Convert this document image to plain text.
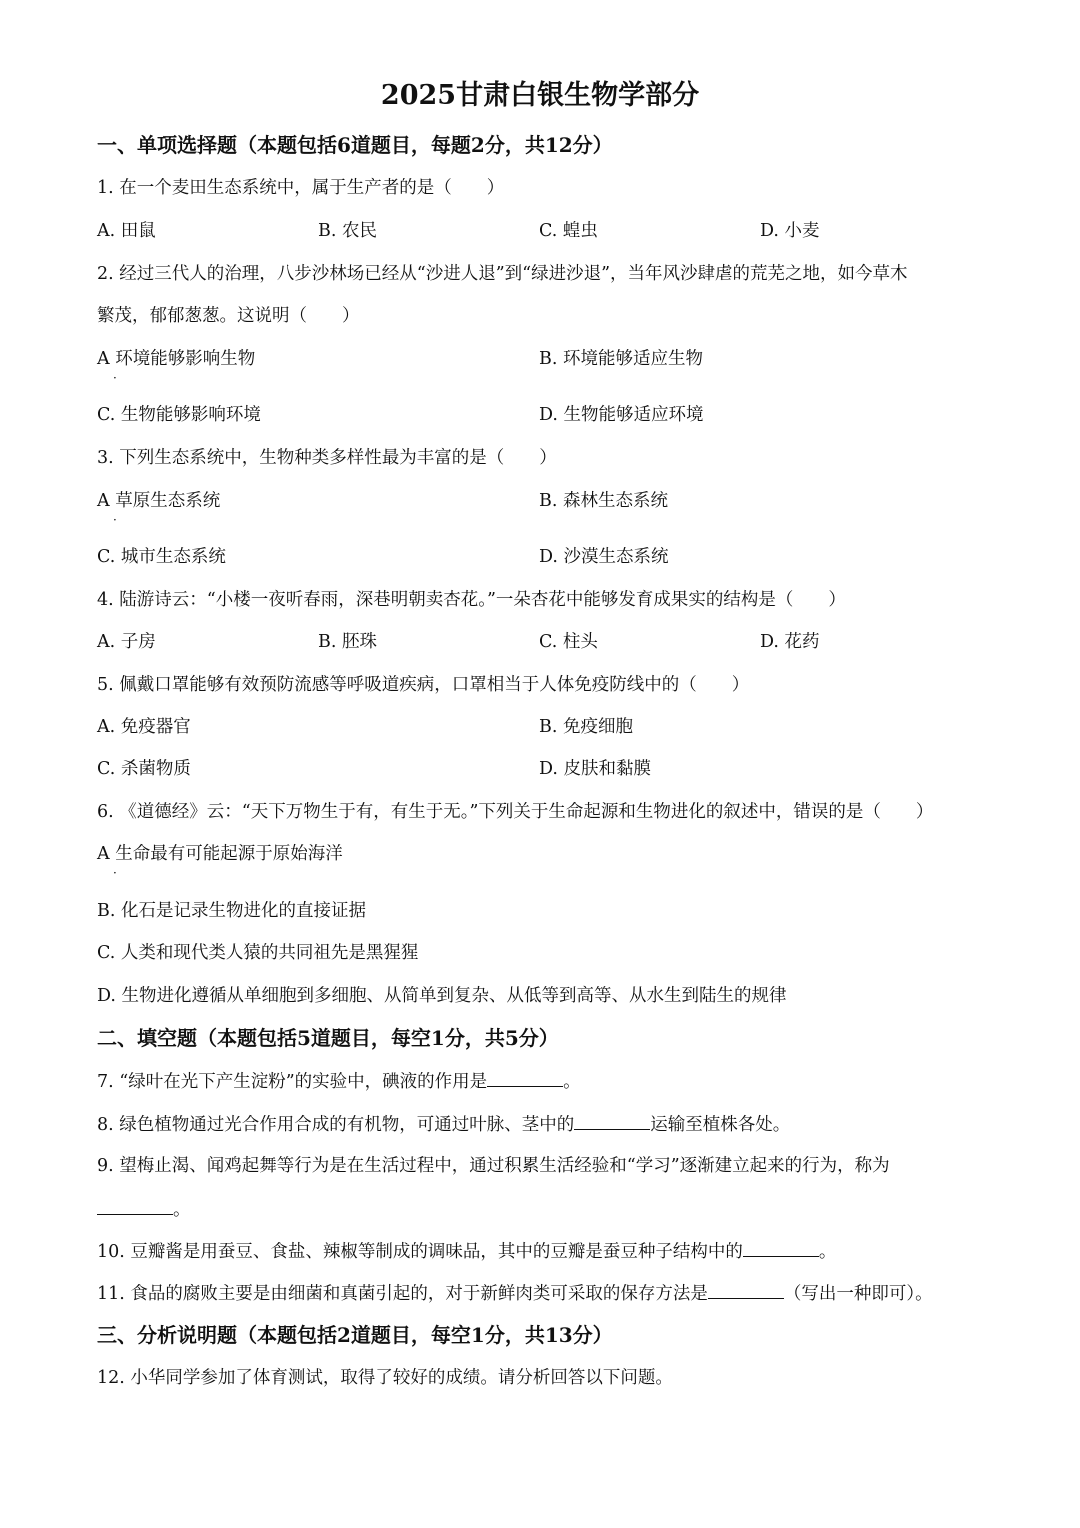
2025甘肃白银生物学部分
一、单项选择题（本题包括6道题目，每题2分，共12分）
1. 在一个麦田生态系统中，属于生产者的是（　　）
A. 田鼠	B. 农民	C. 蝗虫	D. 小麦
2. 经过三代人的治理，八步沙林场已经从“沙进人退”到“绿进沙退”，当年风沙肆虐的荒芜之地，如今草木
繁茂，郁郁葱葱。这说明（　　）
A 环境能够影响生物
·
B. 环境能够适应生物
C. 生物能够影响环境	D. 生物能够适应环境
3. 下列生态系统中，生物种类多样性最为丰富的是（　　）
A 草原生态系统
·
B. 森林生态系统
C. 城市生态系统	D. 沙漠生态系统
4. 陆游诗云：“小楼一夜听春雨，深巷明朝卖杏花。”一朵杏花中能够发育成果实的结构是（　　）
A. 子房	B. 胚珠	C. 柱头	D. 花药
5. 佩戴口罩能够有效预防流感等呼吸道疾病，口罩相当于人体免疫防线中的（　　）
A. 免疫器官	B. 免疫细胞
C. 杀菌物质	D. 皮肤和黏膜
6. 《道德经》云：“天下万物生于有，有生于无。”下列关于生命起源和生物进化的叙述中，错误的是（　　）
A 生命最有可能起源于原始海洋
·
B. 化石是记录生物进化的直接证据
C. 人类和现代类人猿的共同祖先是黑猩猩
D. 生物进化遵循从单细胞到多细胞、从简单到复杂、从低等到高等、从水生到陆生的规律
二、填空题（本题包括5道题目，每空1分，共5分）
7. “绿叶在光下产生淀粉”的实验中，碘液的作用是	。
8. 绿色植物通过光合作用合成的有机物，可通过叶脉、茎中的	运输至植株各处。
9. 望梅止渴、闻鸡起舞等行为是在生活过程中，通过积累生活经验和“学习”逐渐建立起来的行为，称为
。
10. 豆瓣酱是用蚕豆、食盐、辣椒等制成的调味品，其中的豆瓣是蚕豆种子结构中的	。
11. 食品的腐败主要是由细菌和真菌引起的，对于新鲜肉类可采取的保存方法是	（写出一种即可）。
三、分析说明题（本题包括2道题目，每空1分，共13分）
12. 小华同学参加了体育测试，取得了较好的成绩。请分析回答以下问题。
